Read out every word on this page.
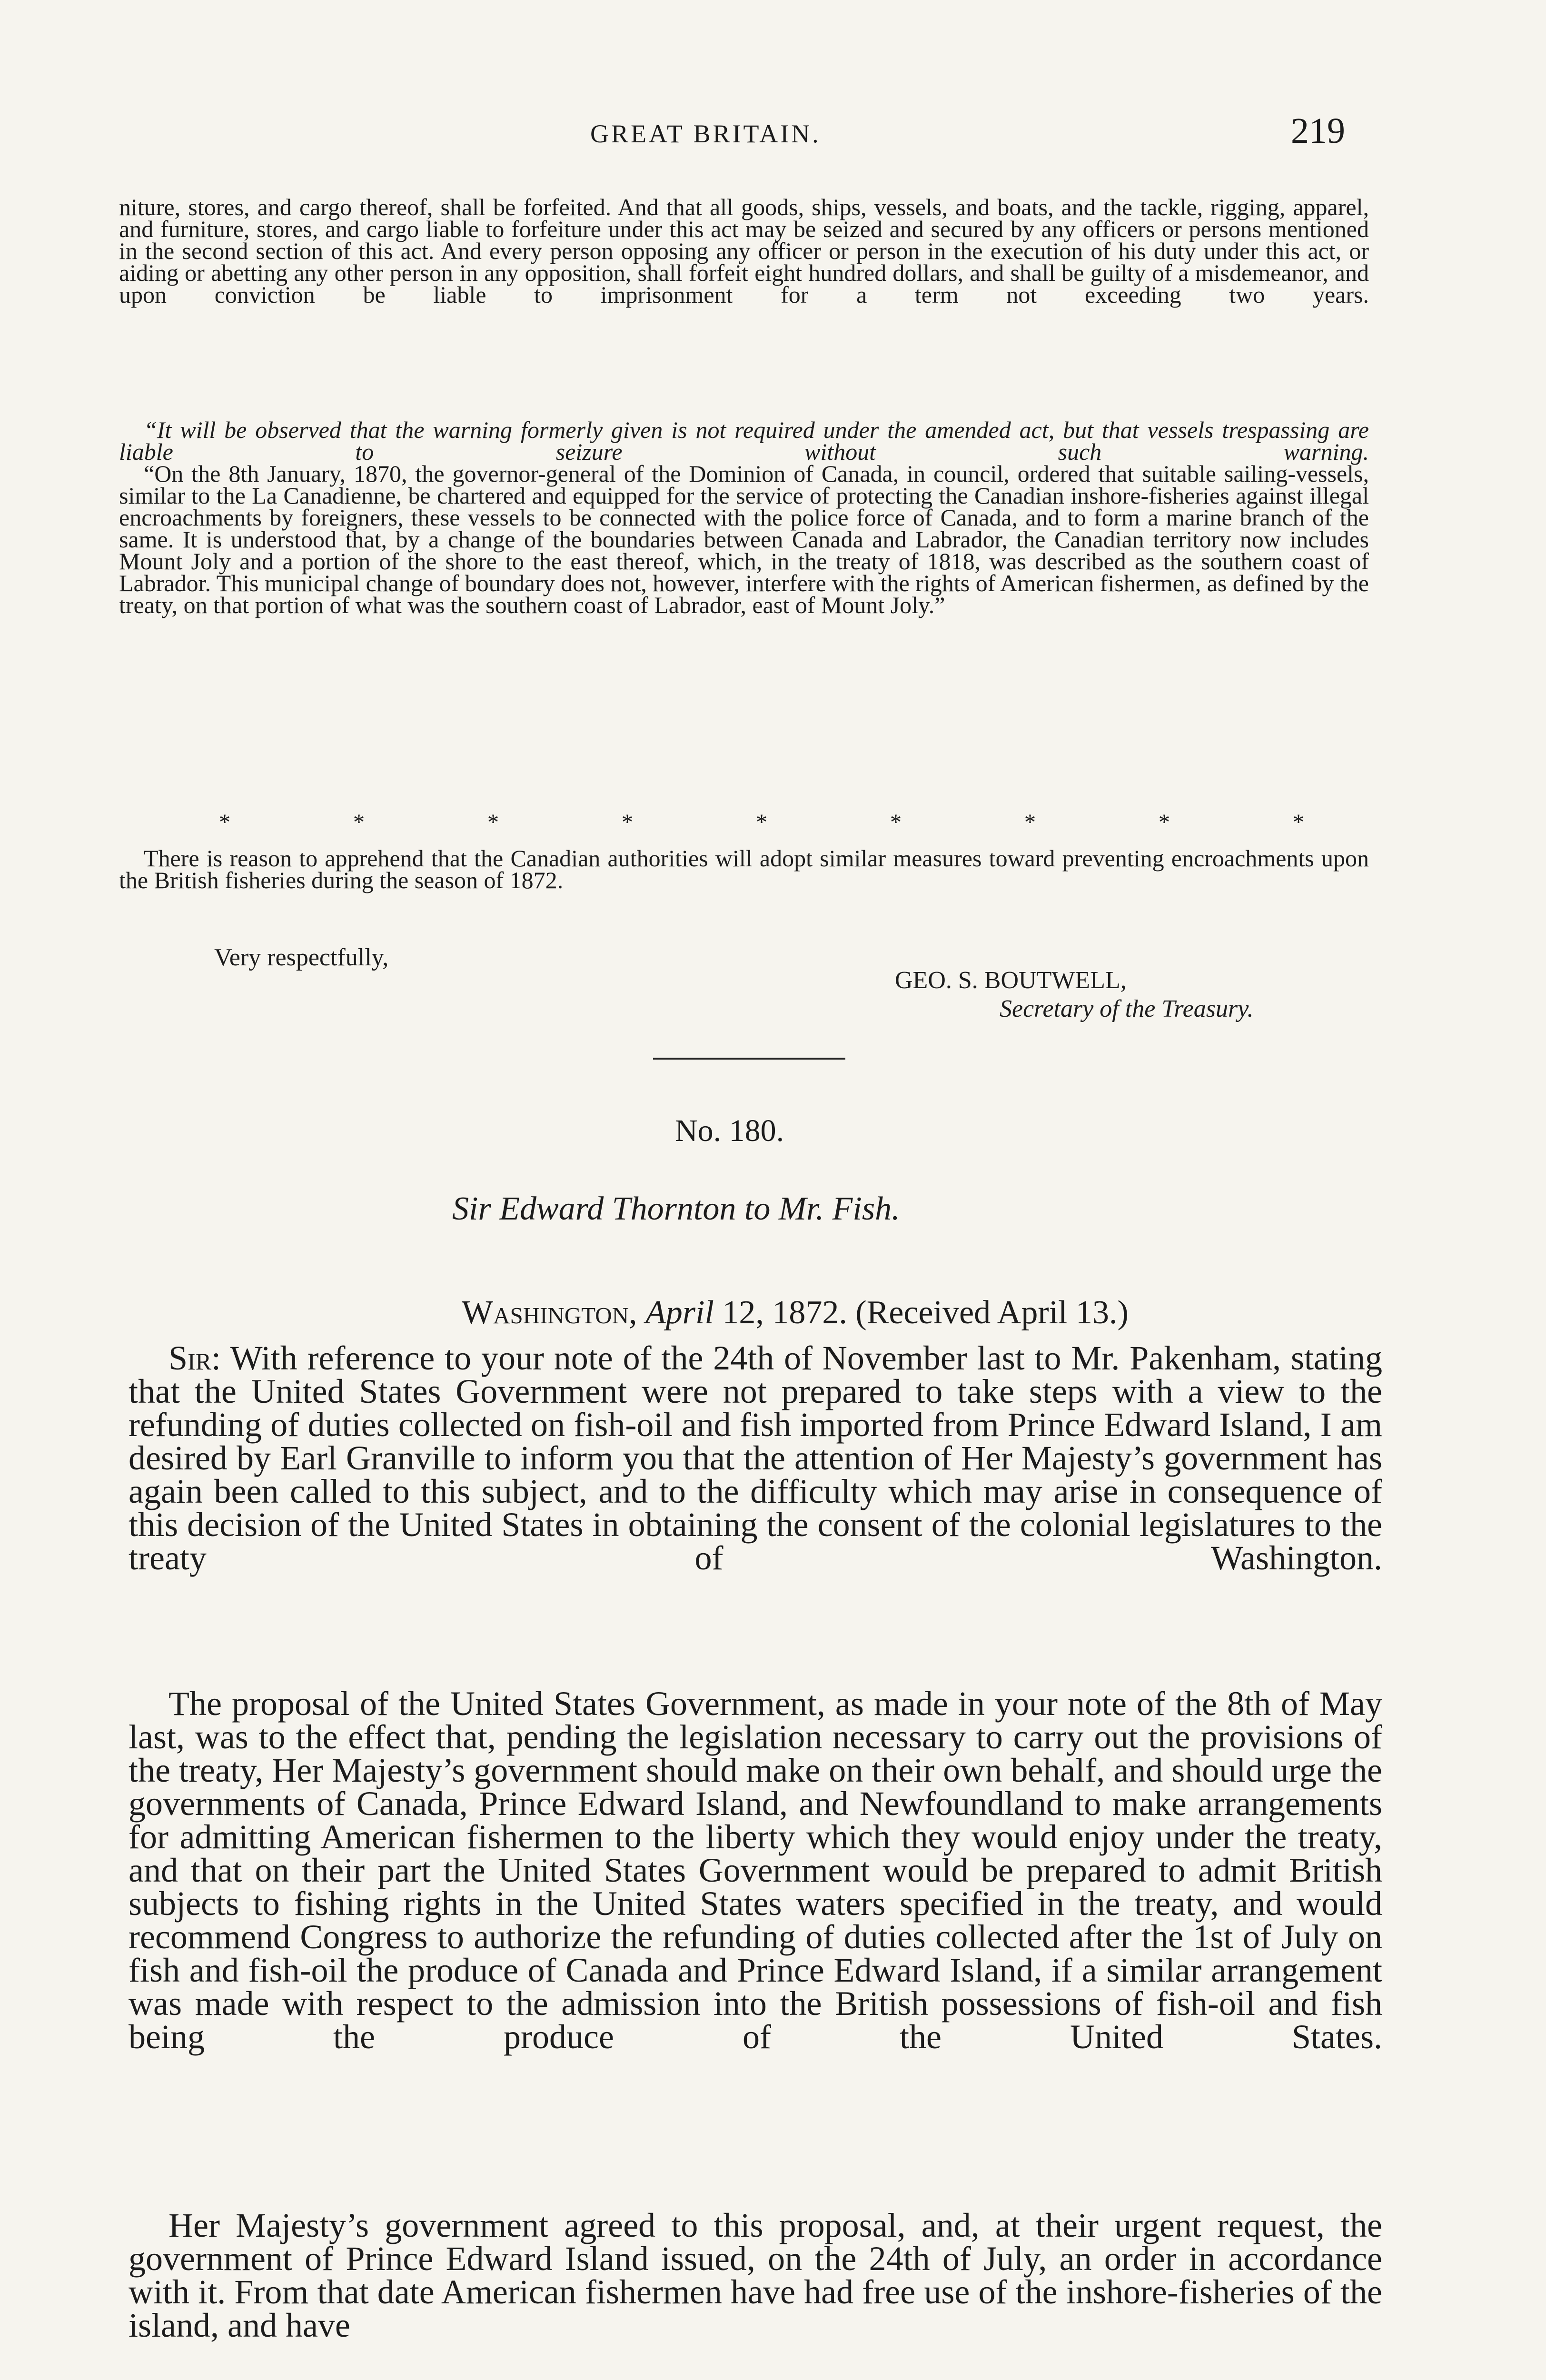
GREAT BRITAIN.	219

niture, stores, and cargo thereof, shall be forfeited. And that all goods, ships, vessels, and boats, and the tackle, rigging, apparel, and furniture, stores, and cargo liable to forfeiture under this act may be seized and secured by any officers or persons mentioned in the second section of this act. And every person opposing any officer or person in the execution of his duty under this act, or aiding or abetting any other person in any opposition, shall forfeit eight hundred dollars, and shall be guilty of a misdemeanor, and upon conviction be liable to imprisonment for a term not exceeding two years.

“It will be observed that the warning formerly given is not required under the amended act, but that vessels trespassing are liable to seizure without such warning.

“On the 8th January, 1870, the governor-general of the Dominion of Canada, in council, ordered that suitable sailing-vessels, similar to the La Canadienne, be chartered and equipped for the service of protecting the Canadian inshore-fisheries against illegal encroachments by foreigners, these vessels to be connected with the police force of Canada, and to form a marine branch of the same. It is understood that, by a change of the boundaries between Canada and Labrador, the Canadian territory now includes Mount Joly and a portion of the shore to the east thereof, which, in the treaty of 1818, was described as the southern coast of Labrador. This municipal change of boundary does not, however, interfere with the rights of American fishermen, as defined by the treaty, on that portion of what was the southern coast of Labrador, east of Mount Joly.”

*	*	*	*	*	*	*	*	*

There is reason to apprehend that the Canadian authorities will adopt similar measures toward preventing encroachments upon the British fisheries during the season of 1872.

Very respectfully,
GEO. S. BOUTWELL,
Secretary of the Treasury.
No. 180.
Sir Edward Thornton to Mr. Fish.
Washington, April 12, 1872. (Received April 13.)
Sir: With reference to your note of the 24th of November last to Mr. Pakenham, stating that the United States Government were not prepared to take steps with a view to the refunding of duties collected on fish-oil and fish imported from Prince Edward Island, I am desired by Earl Granville to inform you that the attention of Her Majesty’s government has again been called to this subject, and to the difficulty which may arise in consequence of this decision of the United States in obtaining the consent of the colonial legislatures to the treaty of Washington.
The proposal of the United States Government, as made in your note of the 8th of May last, was to the effect that, pending the legislation necessary to carry out the provisions of the treaty, Her Majesty’s government should make on their own behalf, and should urge the governments of Canada, Prince Edward Island, and Newfoundland to make arrangements for admitting American fishermen to the liberty which they would enjoy under the treaty, and that on their part the United States Government would be prepared to admit British subjects to fishing rights in the United States waters specified in the treaty, and would recommend Congress to authorize the refunding of duties collected after the 1st of July on fish and fish-oil the produce of Canada and Prince Edward Island, if a similar arrangement was made with respect to the admission into the British possessions of fish-oil and fish being the produce of the United States.
Her Majesty’s government agreed to this proposal, and, at their urgent request, the government of Prince Edward Island issued, on the 24th of July, an order in accordance with it. From that date American fishermen have had free use of the inshore-fisheries of the island, and have
